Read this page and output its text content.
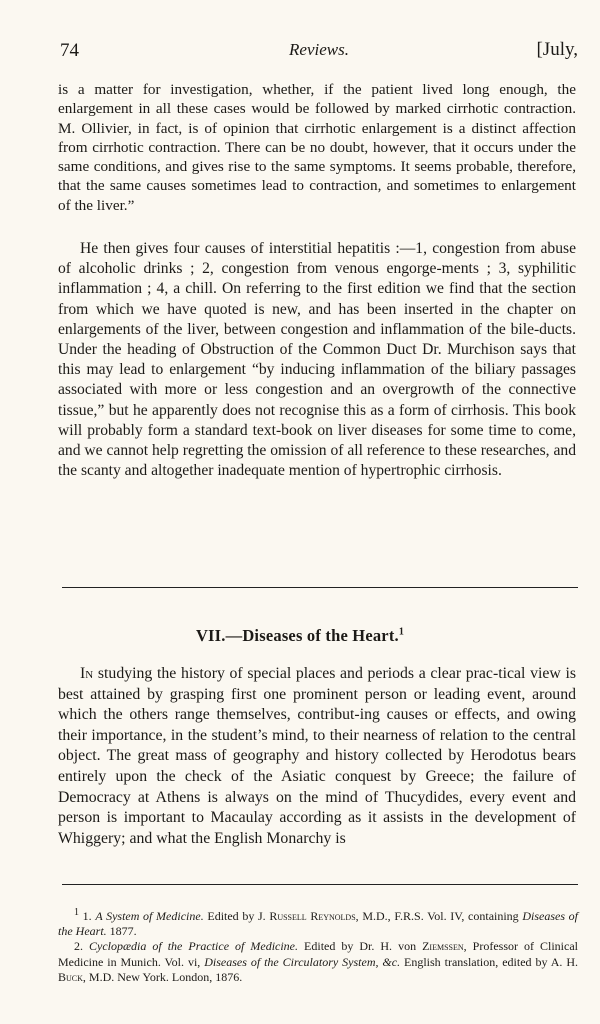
74	Reviews.	[July,

is a matter for investigation, whether, if the patient lived long enough, the enlargement in all these cases would be followed by marked cirrhotic contraction. M. Ollivier, in fact, is of opinion that cirrhotic enlargement is a distinct affection from cirrhotic contraction. There can be no doubt, however, that it occurs under the same conditions, and gives rise to the same symptoms. It seems probable, therefore, that the same causes sometimes lead to contraction, and sometimes to enlargement of the liver.”

He then gives four causes of interstitial hepatitis :—1, congestion from abuse of alcoholic drinks ; 2, congestion from venous engorge-ments ; 3, syphilitic inflammation ; 4, a chill. On referring to the first edition we find that the section from which we have quoted is new, and has been inserted in the chapter on enlargements of the liver, between congestion and inflammation of the bile-ducts. Under the heading of Obstruction of the Common Duct Dr. Murchison says that this may lead to enlargement “by inducing inflammation of the biliary passages associated with more or less congestion and an overgrowth of the connective tissue,” but he apparently does not recognise this as a form of cirrhosis. This book will probably form a standard text-book on liver diseases for some time to come, and we cannot help regretting the omission of all reference to these researches, and the scanty and altogether inadequate mention of hypertrophic cirrhosis.

VII.—Diseases of the Heart.$^1$

In studying the history of special places and periods a clear prac-tical view is best attained by grasping first one prominent person or leading event, around which the others range themselves, contribut-ing causes or effects, and owing their importance, in the student’s mind, to their nearness of relation to the central object. The great mass of geography and history collected by Herodotus bears entirely upon the check of the Asiatic conquest by Greece; the failure of Democracy at Athens is always on the mind of Thucydides, every event and person is important to Macaulay according as it assists in the development of Whiggery; and what the English Monarchy is

$^1$ 1. A System of Medicine. Edited by J. Russell Reynolds, M.D., F.R.S. Vol. IV, containing Diseases of the Heart. 1877.

2. Cyclopædia of the Practice of Medicine. Edited by Dr. H. von Ziemssen, Professor of Clinical Medicine in Munich. Vol. vi, Diseases of the Circulatory System, &c. English translation, edited by A. H. Buck, M.D. New York. London, 1876.
